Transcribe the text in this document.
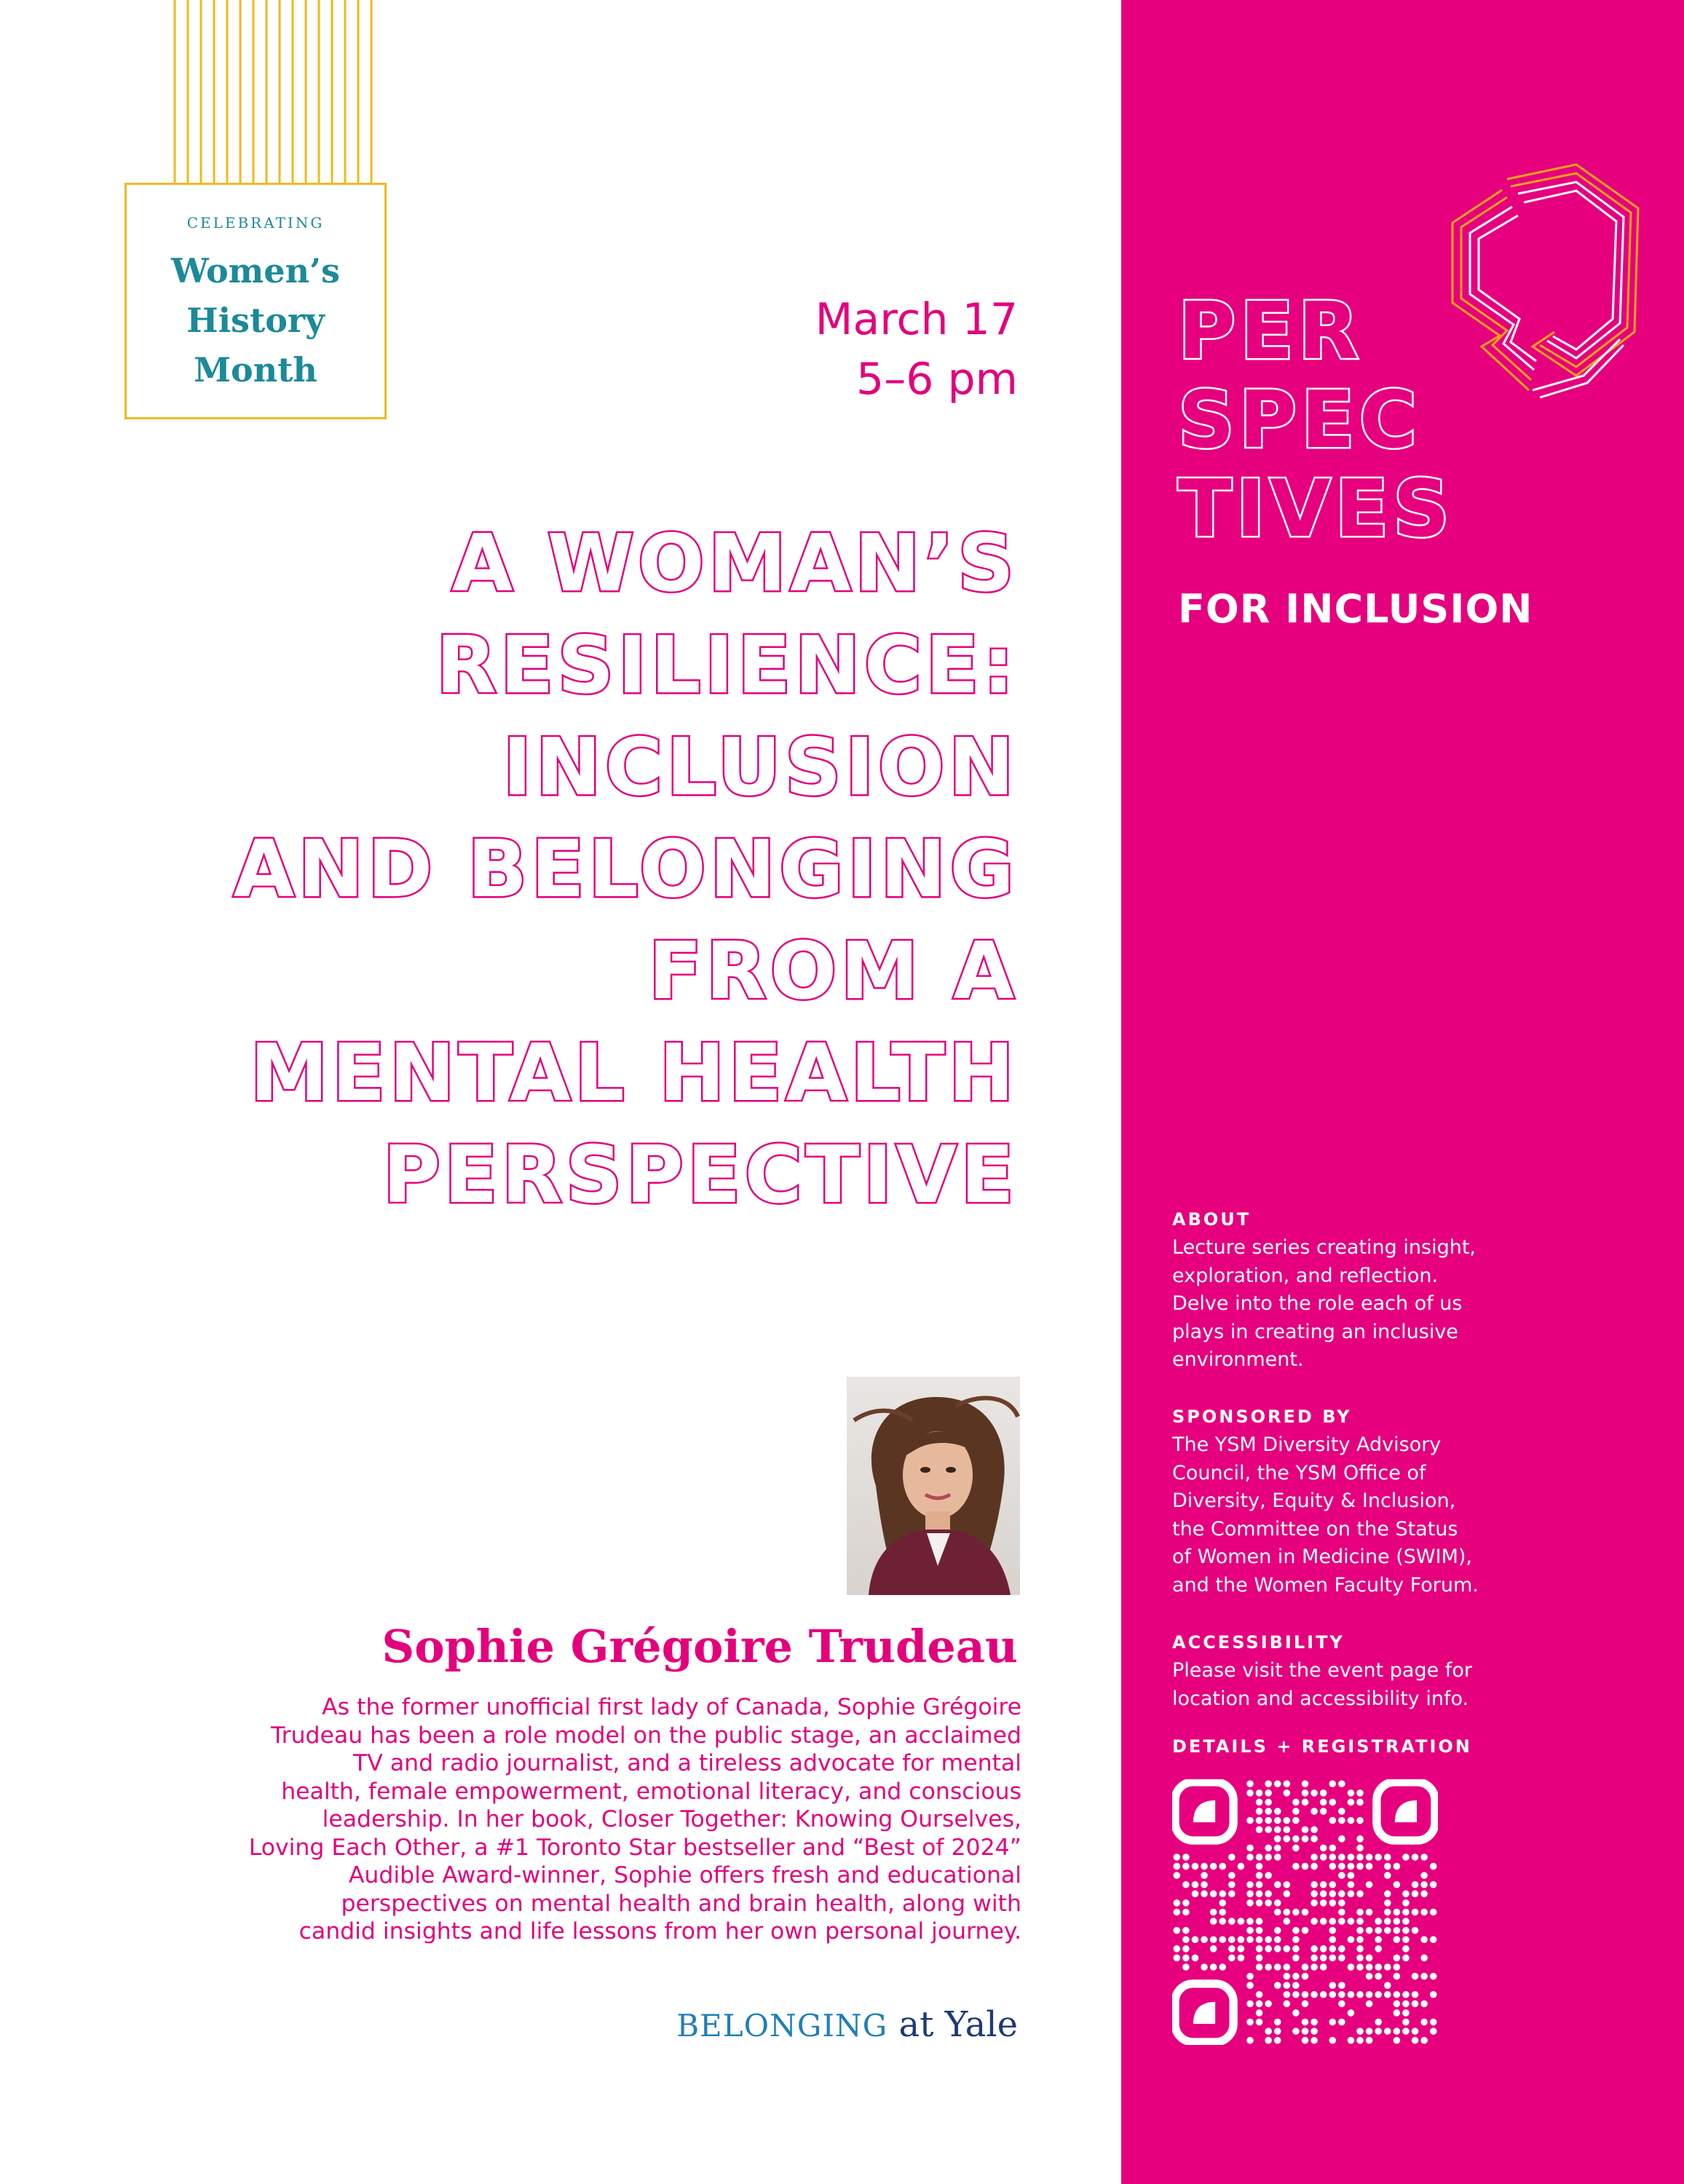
CELEBRATING
Women’s
History
Month
March 17
5–6 pm
A WOMAN’S
RESILIENCE:
INCLUSION
AND BELONGING
FROM A
MENTAL HEALTH
PERSPECTIVE
Sophie Grégoire Trudeau
As the former unofficial first lady of Canada, Sophie Grégoire
Trudeau has been a role model on the public stage, an acclaimed
TV and radio journalist, and a tireless advocate for mental
health, female empowerment, emotional literacy, and conscious
leadership. In her book, Closer Together: Knowing Ourselves,
Loving Each Other, a #1 Toronto Star bestseller and “Best of 2024”
Audible Award-winner, Sophie offers fresh and educational
perspectives on mental health and brain health, along with
candid insights and life lessons from her own personal journey.
BELONGING at Yale
PER
SPEC
TIVES
FOR INCLUSION
ABOUT
Lecture series creating insight,
exploration, and reflection.
Delve into the role each of us
plays in creating an inclusive
environment.
SPONSORED BY
The YSM Diversity Advisory
Council, the YSM Office of
Diversity, Equity & Inclusion,
the Committee on the Status
of Women in Medicine (SWIM),
and the Women Faculty Forum.
ACCESSIBILITY
Please visit the event page for
location and accessibility info.
DETAILS + REGISTRATION
